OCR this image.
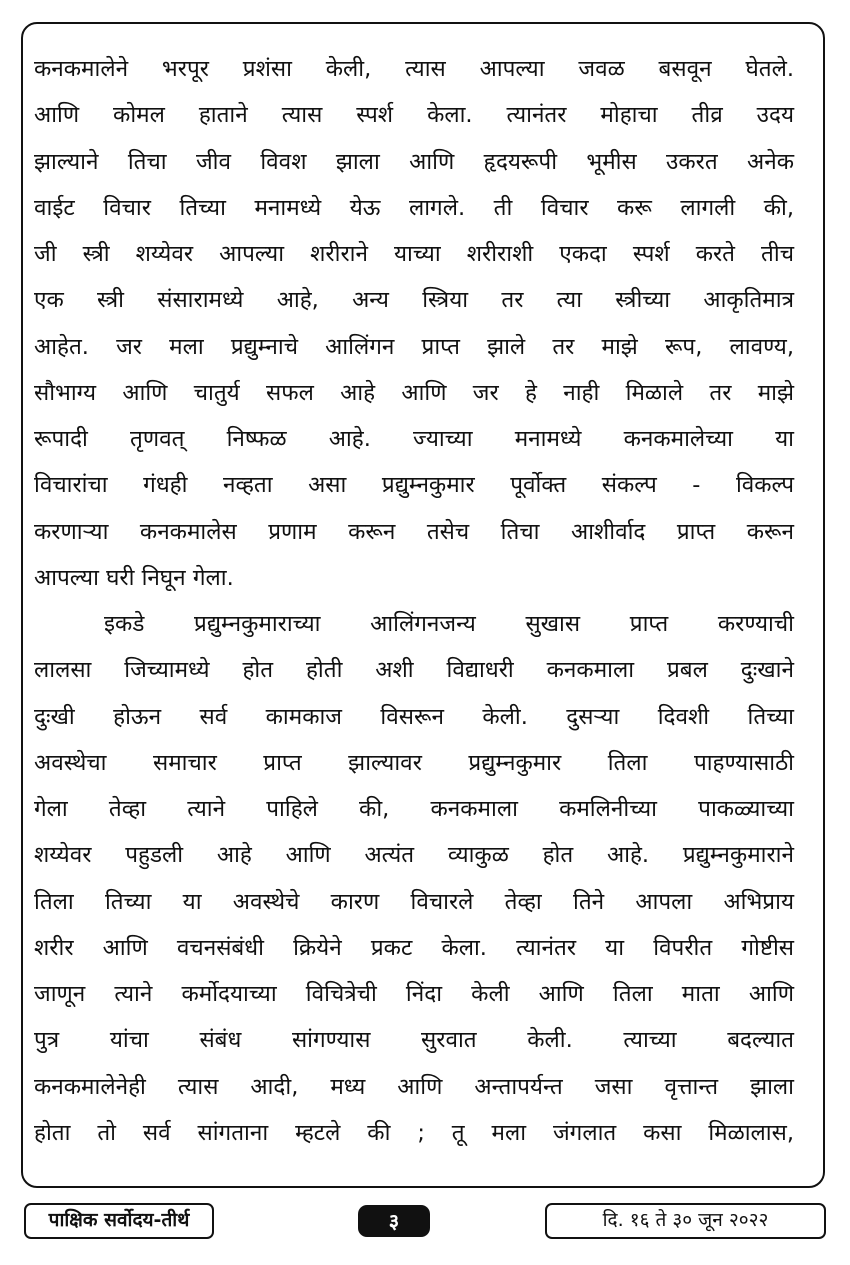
कनकमालेने भरपूर प्रशंसा केली, त्यास आपल्या जवळ बसवून घेतले.
आणि कोमल हाताने त्यास स्पर्श केला. त्यानंतर मोहाचा तीव्र उदय
झाल्याने तिचा जीव विवश झाला आणि हृदयरूपी भूमीस उकरत अनेक
वाईट विचार तिच्या मनामध्ये येऊ लागले. ती विचार करू लागली की,
जी स्त्री शय्येवर आपल्या शरीराने याच्या शरीराशी एकदा स्पर्श करते तीच
एक स्त्री संसारामध्ये आहे, अन्य स्त्रिया तर त्या स्त्रीच्या आकृतिमात्र
आहेत. जर मला प्रद्युम्नाचे आलिंगन प्राप्त झाले तर माझे रूप, लावण्य,
सौभाग्य आणि चातुर्य सफल आहे आणि जर हे नाही मिळाले तर माझे
रूपादी तृणवत् निष्फळ आहे. ज्याच्या मनामध्ये कनकमालेच्या या
विचारांचा गंधही नव्हता असा प्रद्युम्नकुमार पूर्वोक्त संकल्प - विकल्प
करणाऱ्या कनकमालेस प्रणाम करून तसेच तिचा आशीर्वाद प्राप्त करून
आपल्या घरी निघून गेला.
इकडे प्रद्युम्नकुमाराच्या आलिंगनजन्य सुखास प्राप्त करण्याची
लालसा जिच्यामध्ये होत होती अशी विद्याधरी कनकमाला प्रबल दुःखाने
दुःखी होऊन सर्व कामकाज विसरून केली. दुसऱ्या दिवशी तिच्या
अवस्थेचा समाचार प्राप्त झाल्यावर प्रद्युम्नकुमार तिला पाहण्यासाठी
गेला तेव्हा त्याने पाहिले की, कनकमाला कमलिनीच्या पाकळ्याच्या
शय्येवर पहुडली आहे आणि अत्यंत व्याकुळ होत आहे. प्रद्युम्नकुमाराने
तिला तिच्या या अवस्थेचे कारण विचारले तेव्हा तिने आपला अभिप्राय
शरीर आणि वचनसंबंधी क्रियेने प्रकट केला. त्यानंतर या विपरीत गोष्टीस
जाणून त्याने कर्मोदयाच्या विचित्रेची निंदा केली आणि तिला माता आणि
पुत्र यांचा संबंध सांगण्यास सुरवात केली. त्याच्या बदल्यात
कनकमालेनेही त्यास आदी, मध्य आणि अन्तापर्यन्त जसा वृत्तान्त झाला
होता तो सर्व सांगताना म्हटले की ; तू मला जंगलात कसा मिळालास,
पाक्षिक सर्वोदय-तीर्थ	३	दि. १६ ते ३० जून २०२२
